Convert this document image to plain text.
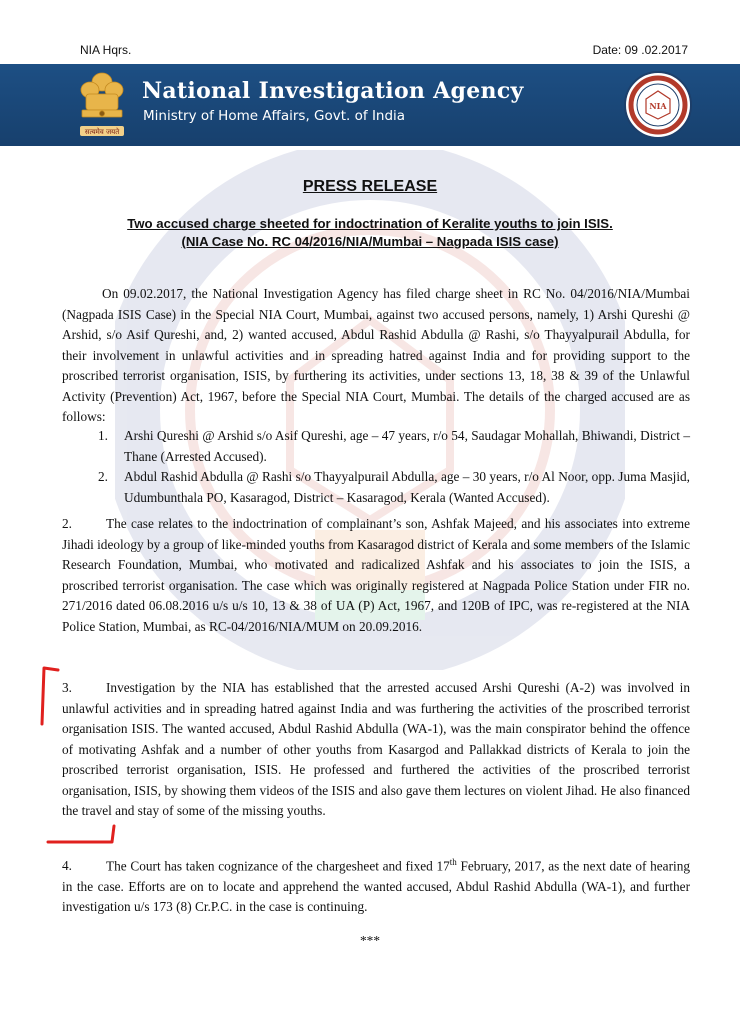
NIA Hqrs.	Date: 09 .02.2017
सत्यमेव जयते
National Investigation Agency
Ministry of Home Affairs, Govt. of India
NIA
PRESS RELEASE
Two accused charge sheeted for indoctrination of Keralite youths to join ISIS.
(NIA Case No. RC 04/2016/NIA/Mumbai – Nagpada ISIS case)
On 09.02.2017, the National Investigation Agency has filed charge sheet in RC No. 04/2016/NIA/Mumbai (Nagpada ISIS Case) in the Special NIA Court, Mumbai, against two accused persons, namely, 1) Arshi Qureshi @ Arshid, s/o Asif Qureshi, and, 2) wanted accused, Abdul Rashid Abdulla @ Rashi, s/o Thayyalpurail Abdulla, for their involvement in unlawful activities and in spreading hatred against India and for providing support to the proscribed terrorist organisation, ISIS, by furthering its activities, under sections 13, 18, 38 & 39 of the Unlawful Activity (Prevention) Act, 1967, before the Special NIA Court, Mumbai. The details of the charged accused are as follows:
1. Arshi Qureshi @ Arshid s/o Asif Qureshi, age – 47 years, r/o 54, Saudagar Mohallah, Bhiwandi, District – Thane (Arrested Accused).
2. Abdul Rashid Abdulla @ Rashi s/o Thayyalpurail Abdulla, age – 30 years, r/o Al Noor, opp. Juma Masjid, Udumbunthala PO, Kasaragod, District – Kasaragod, Kerala (Wanted Accused).
2.	The case relates to the indoctrination of complainant’s son, Ashfak Majeed, and his associates into extreme Jihadi ideology by a group of like-minded youths from Kasaragod district of Kerala and some members of the Islamic Research Foundation, Mumbai, who motivated and radicalized Ashfak and his associates to join the ISIS, a proscribed terrorist organisation. The case which was originally registered at Nagpada Police Station under FIR no. 271/2016 dated 06.08.2016 u/s u/s 10, 13 & 38 of UA (P) Act, 1967, and 120B of IPC, was re-registered at the NIA Police Station, Mumbai, as RC-04/2016/NIA/MUM on 20.09.2016.
3.	Investigation by the NIA has established that the arrested accused Arshi Qureshi (A-2) was involved in unlawful activities and in spreading hatred against India and was furthering the activities of the proscribed terrorist organisation ISIS. The wanted accused, Abdul Rashid Abdulla (WA-1), was the main conspirator behind the offence of motivating Ashfak and a number of other youths from Kasargod and Pallakkad districts of Kerala to join the proscribed terrorist organisation, ISIS. He professed and furthered the activities of the proscribed terrorist organisation, ISIS, by showing them videos of the ISIS and also gave them lectures on violent Jihad. He also financed the travel and stay of some of the missing youths.
4.	The Court has taken cognizance of the chargesheet and fixed 17th February, 2017, as the next date of hearing in the case. Efforts are on to locate and apprehend the wanted accused, Abdul Rashid Abdulla (WA-1), and further investigation u/s 173 (8) Cr.P.C. in the case is continuing.
***
